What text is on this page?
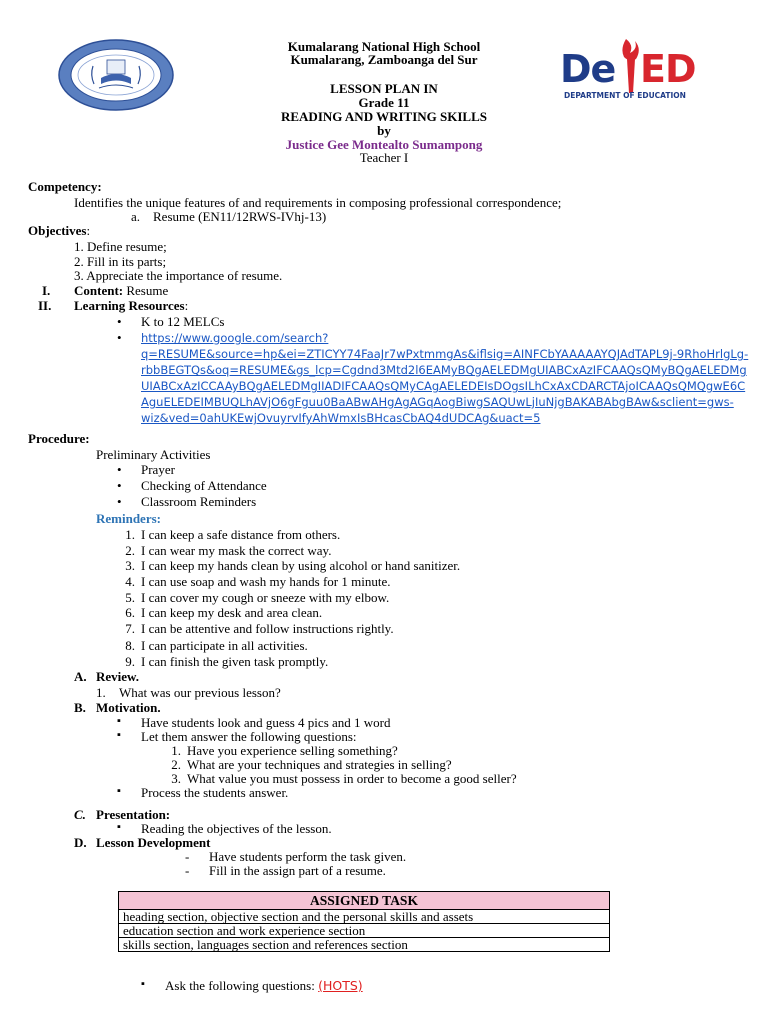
De ED
DEPARTMENT OF EDUCATION
Kumalarang National High School
Kumalarang, Zamboanga del Sur
LESSON PLAN IN
Grade 11
READING AND WRITING SKILLS
by
Justice Gee Montealto Sumampong
Teacher I
Competency:
Identifies the unique features of and requirements in composing professional correspondence;
a. Resume (EN11/12RWS-IVhj-13)
Objectives:
1. Define resume;
2. Fill in its parts;
3. Appreciate the importance of resume.
I. Content: Resume
II. Learning Resources:
• K to 12 MELCs
• https://www.google.com/search?
q=RESUME&source=hp&ei=ZTICYY74FaaJr7wPxtmmgAs&iflsig=AINFCbYAAAAAYQJAdTAPL9j-9RhoHrlgLg-
rbbBEGTQs&oq=RESUME&gs_lcp=Cgdnd3Mtd2l6EAMyBQgAELEDMgUIABCxAzIFCAAQsQMyBQgAELEDMg
UIABCxAzICCAAyBQgAELEDMgIIADIFCAAQsQMyCAgAELEDEIsDOgsILhCxAxCDARCTAjoICAAQsQMQgwE6C
AguELEDEIMBUQLhAVjO6gFguu0BaABwAHgAgAGqAogBiwgSAQUwLjIuNjgBAKABAbgBAw&sclient=gws-
wiz&ved=0ahUKEwjOvuyrvIfyAhWmxIsBHcasCbAQ4dUDCAg&uact=5
Procedure:
Preliminary Activities
• Prayer
• Checking of Attendance
• Classroom Reminders
Reminders:
1. I can keep a safe distance from others.
2. I can wear my mask the correct way.
3. I can keep my hands clean by using alcohol or hand sanitizer.
4. I can use soap and wash my hands for 1 minute.
5. I can cover my cough or sneeze with my elbow.
6. I can keep my desk and area clean.
7. I can be attentive and follow instructions rightly.
8. I can participate in all activities.
9. I can finish the given task promptly.
A. Review.
1. What was our previous lesson?
B. Motivation.
▪ Have students look and guess 4 pics and 1 word
▪ Let them answer the following questions:
1. Have you experience selling something?
2. What are your techniques and strategies in selling?
3. What value you must possess in order to become a good seller?
▪ Process the students answer.
C. Presentation:
▪ Reading the objectives of the lesson.
D. Lesson Development
- Have students perform the task given.
- Fill in the assign part of a resume.
ASSIGNED TASK
heading section, objective section and the personal skills and assets
education section and work experience section
skills section, languages section and references section
▪ Ask the following questions: (HOTS)
